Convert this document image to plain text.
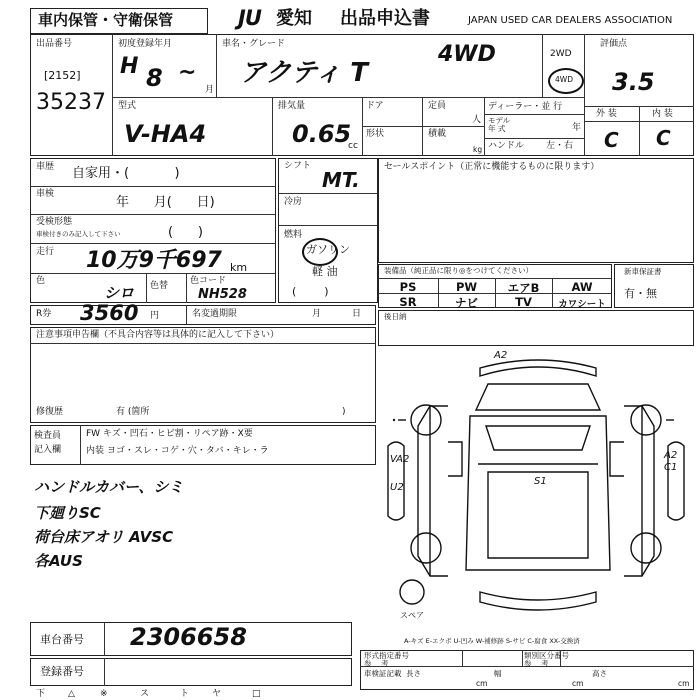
車内保管・守衛保管	JU 愛知 出品申込書	JAPAN USED CAR DEALERS ASSOCIATION
出品番号
[2152]
35237
初度登録年月
H 8 ~
月
車名・グレード
アクティ T
4WD	2WD
4WD
評価点
3.5
外 装	内 装
C C
型式
V-HA4
排気量
0.65
cc
ドア	定員
人
形状	積載
kg
ディーラー・並 行
モデル
年 式	年
ハンドル 左・右
車歴 自家用・(           )
車検
年      月(      日)
受検形態
車検付きのみ記入して下さい	(      )
走行 10万9千697 km
色
シロ 色替 色コード
NH528
シフト
MT.
冷房
燃料
ガソリン
軽 油
(        )
セールスポイント（正常に機能するものに限ります）
装備品（純正品に限り◎をつけてください）
PS	PW	エアB	AW
SR	ナビ	TV	カワシート
新車保証書
有・無
R券 3560 円	名変過期限	月	日	後日納
注意事項申告欄（不具合内容等は具体的に記入して下さい）
修復歴	有 (箇所	)
検査員
記入欄
FW キズ・凹石・ヒビ割・リペア跡・X要
内装 ヨゴ・スレ・コゲ・穴・タバ・キレ・ラ
ハンドルカバー、シミ
下廻りSC
荷台床アオリ AVSC
各AUS
A2
VA2
U2
S1
A2
C1
スペア
A-キズ E-エクボ U-凹み W-補修跡 S-サビ C-腐食 XX-交換済
車台番号 2306658
登録番号
形式指定番号
参    考
類別区分番号
参    考
車検証記載 長さ
cm
幅
cm
高さ
cm
下	△	※	ス	ト	ヤ	□
